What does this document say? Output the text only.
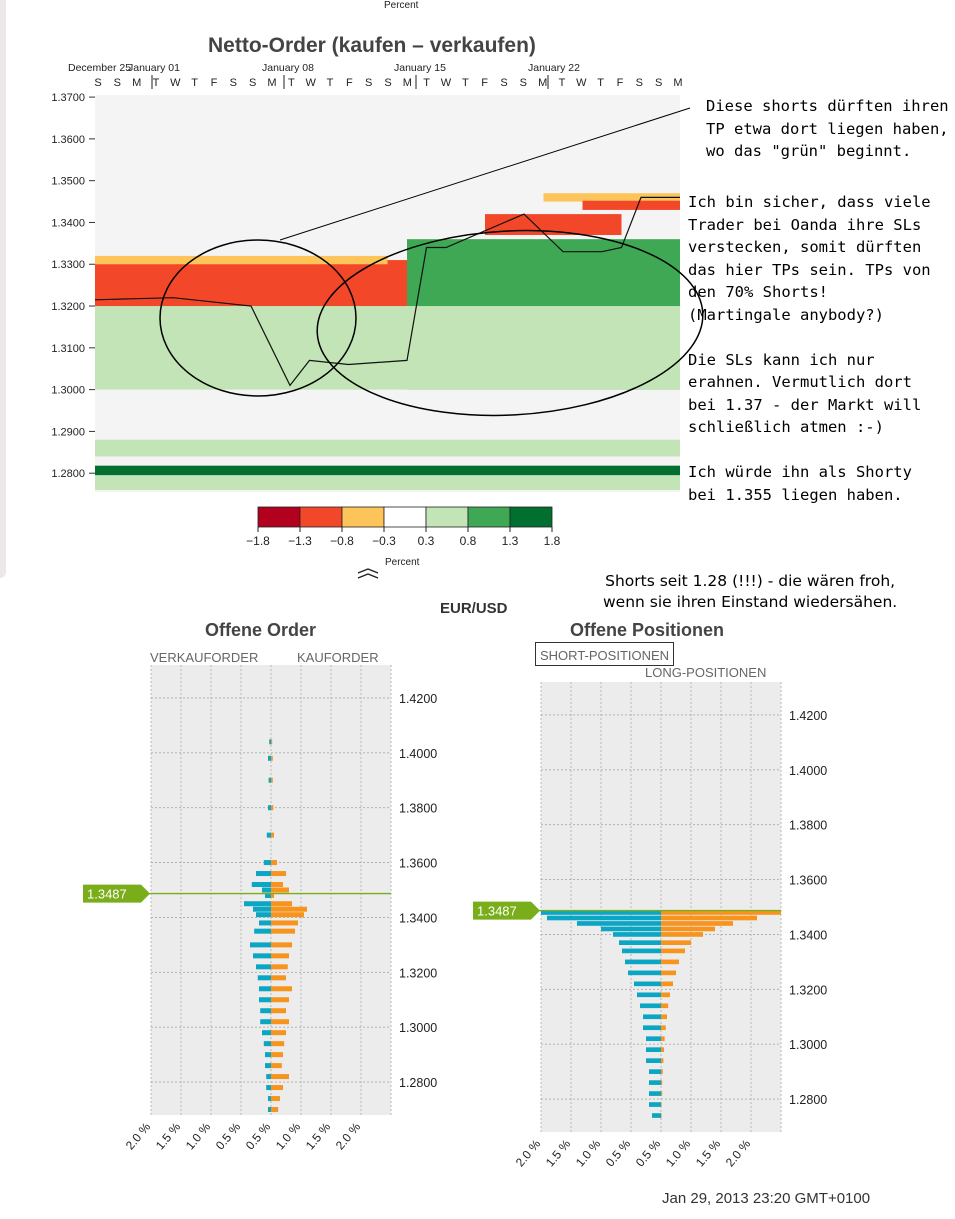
Percent
Netto-Order (kaufen – verkaufen)
December 25
January 01	January 08	January 15	January 22
S S M T W T F S S M T W T F S S M T W T F S S M T W T F S S M
1.3700
1.3600
1.3500
1.3400
1.3300
1.3200
1.3100
1.3000
1.2900
1.2800
−1.8 −1.3 −0.8 −0.3 0.3 0.8 1.3 1.8
Percent
Diese shorts dürften ihren
TP etwa dort liegen haben,
wo das "grün" beginnt.
Ich bin sicher, dass viele
Trader bei Oanda ihre SLs
verstecken, somit dürften
das hier TPs sein. TPs von
den 70% Shorts!
(Martingale anybody?)

Die SLs kann ich nur
erahnen. Vermutlich dort
bei 1.37 - der Markt will
schließlich atmen :-)

Ich würde ihn als Shorty
bei 1.355 liegen haben.
Shorts seit 1.28 (!!!) - die wären froh,
wenn sie ihren Einstand wiedersähen.
EUR/USD
Offene Order
VERKAUFORDER	KAUFORDER
Offene Positionen
SHORT-POSITIONEN
LONG-POSITIONEN
1.4200
1.4000
1.3800
1.3600
1.3400
1.3200
1.3000
1.2800
1.3487
2.0 % 1.5 % 1.0 % 0.5 % 0.5 % 1.0 % 1.5 % 2.0 %
1.4200
1.4000
1.3800
1.3600
1.3400
1.3200
1.3000
1.2800
1.3487
2.0 % 1.5 % 1.0 % 0.5 % 0.5 % 1.0 % 1.5 % 2.0 %
Jan 29, 2013 23:20 GMT+0100
